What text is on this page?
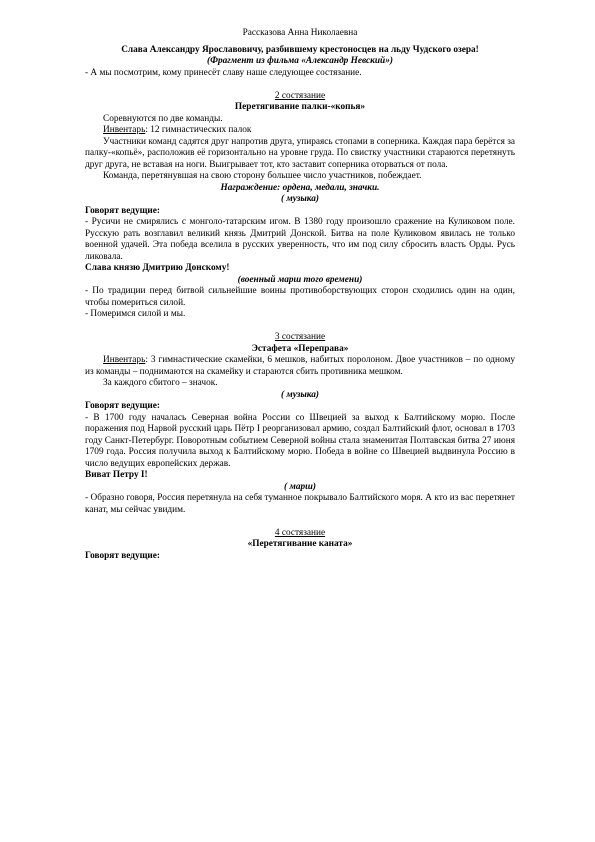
Рассказова Анна Николаевна

Слава Александру Ярославовичу, разбившему крестоносцев на льду Чудского озера!

(Фрагмент из фильма «Александр Невский»)

- А мы посмотрим, кому принесёт славу наше следующее состязание.

2 состязание

Перетягивание палки-«копья»

Соревнуются по две команды.

Инвентарь: 12 гимнастических палок

Участники команд садятся друг напротив друга, упираясь стопами в соперника. Каждая пара берётся за палку-«копьё», расположив её горизонтально на уровне груда. По свистку участники стараются перетянуть друг друга, не вставая на ноги. Выигрывает тот, кто заставит соперника оторваться от пола.

Команда, перетянувшая на свою сторону большее число участников, побеждает.

Награждение: ордена, медали, значки.

( музыка)

Говорят ведущие:

- Русичи не смирялись с монголо-татарским игом. В 1380 году произошло сражение на Куликовом поле. Русскую рать возглавил великий князь Дмитрий Донской. Битва на поле Куликовом явилась не только военной удачей. Эта победа вселила в русских уверенность, что им под силу сбросить власть Орды. Русь ликовала.

Слава князю Дмитрию Донскому!

(военный марш того времени)

- По традиции перед битвой сильнейшие воины противоборствующих сторон сходились один на один, чтобы помериться силой.

- Померимся силой и мы.

3 состязание

Эстафета «Переправа»

Инвентарь: 3 гимнастические скамейки, 6 мешков, набитых поролоном. Двое участников – по одному из команды – поднимаются на скамейку и стараются сбить противника мешком.

За каждого сбитого – значок.

( музыка)

Говорят ведущие:

- В 1700 году началась Северная война России со Швецией за выход к Балтийскому морю. После поражения под Нарвой русский царь Пётр I реорганизовал армию, создал Балтийский флот, основал в 1703 году Санкт-Петербург. Поворотным событием Северной войны стала знаменитая Полтавская битва 27 июня 1709 года. Россия получила выход к Балтийскому морю. Победа в войне со Швецией выдвинула Россию в число ведущих европейских держав.

Виват Петру I!

( марш)

- Образно говоря, Россия перетянула на себя туманное покрывало Балтийского моря. А кто из вас перетянет канат, мы сейчас увидим.

4 состязание

«Перетягивание каната»

Говорят ведущие:
